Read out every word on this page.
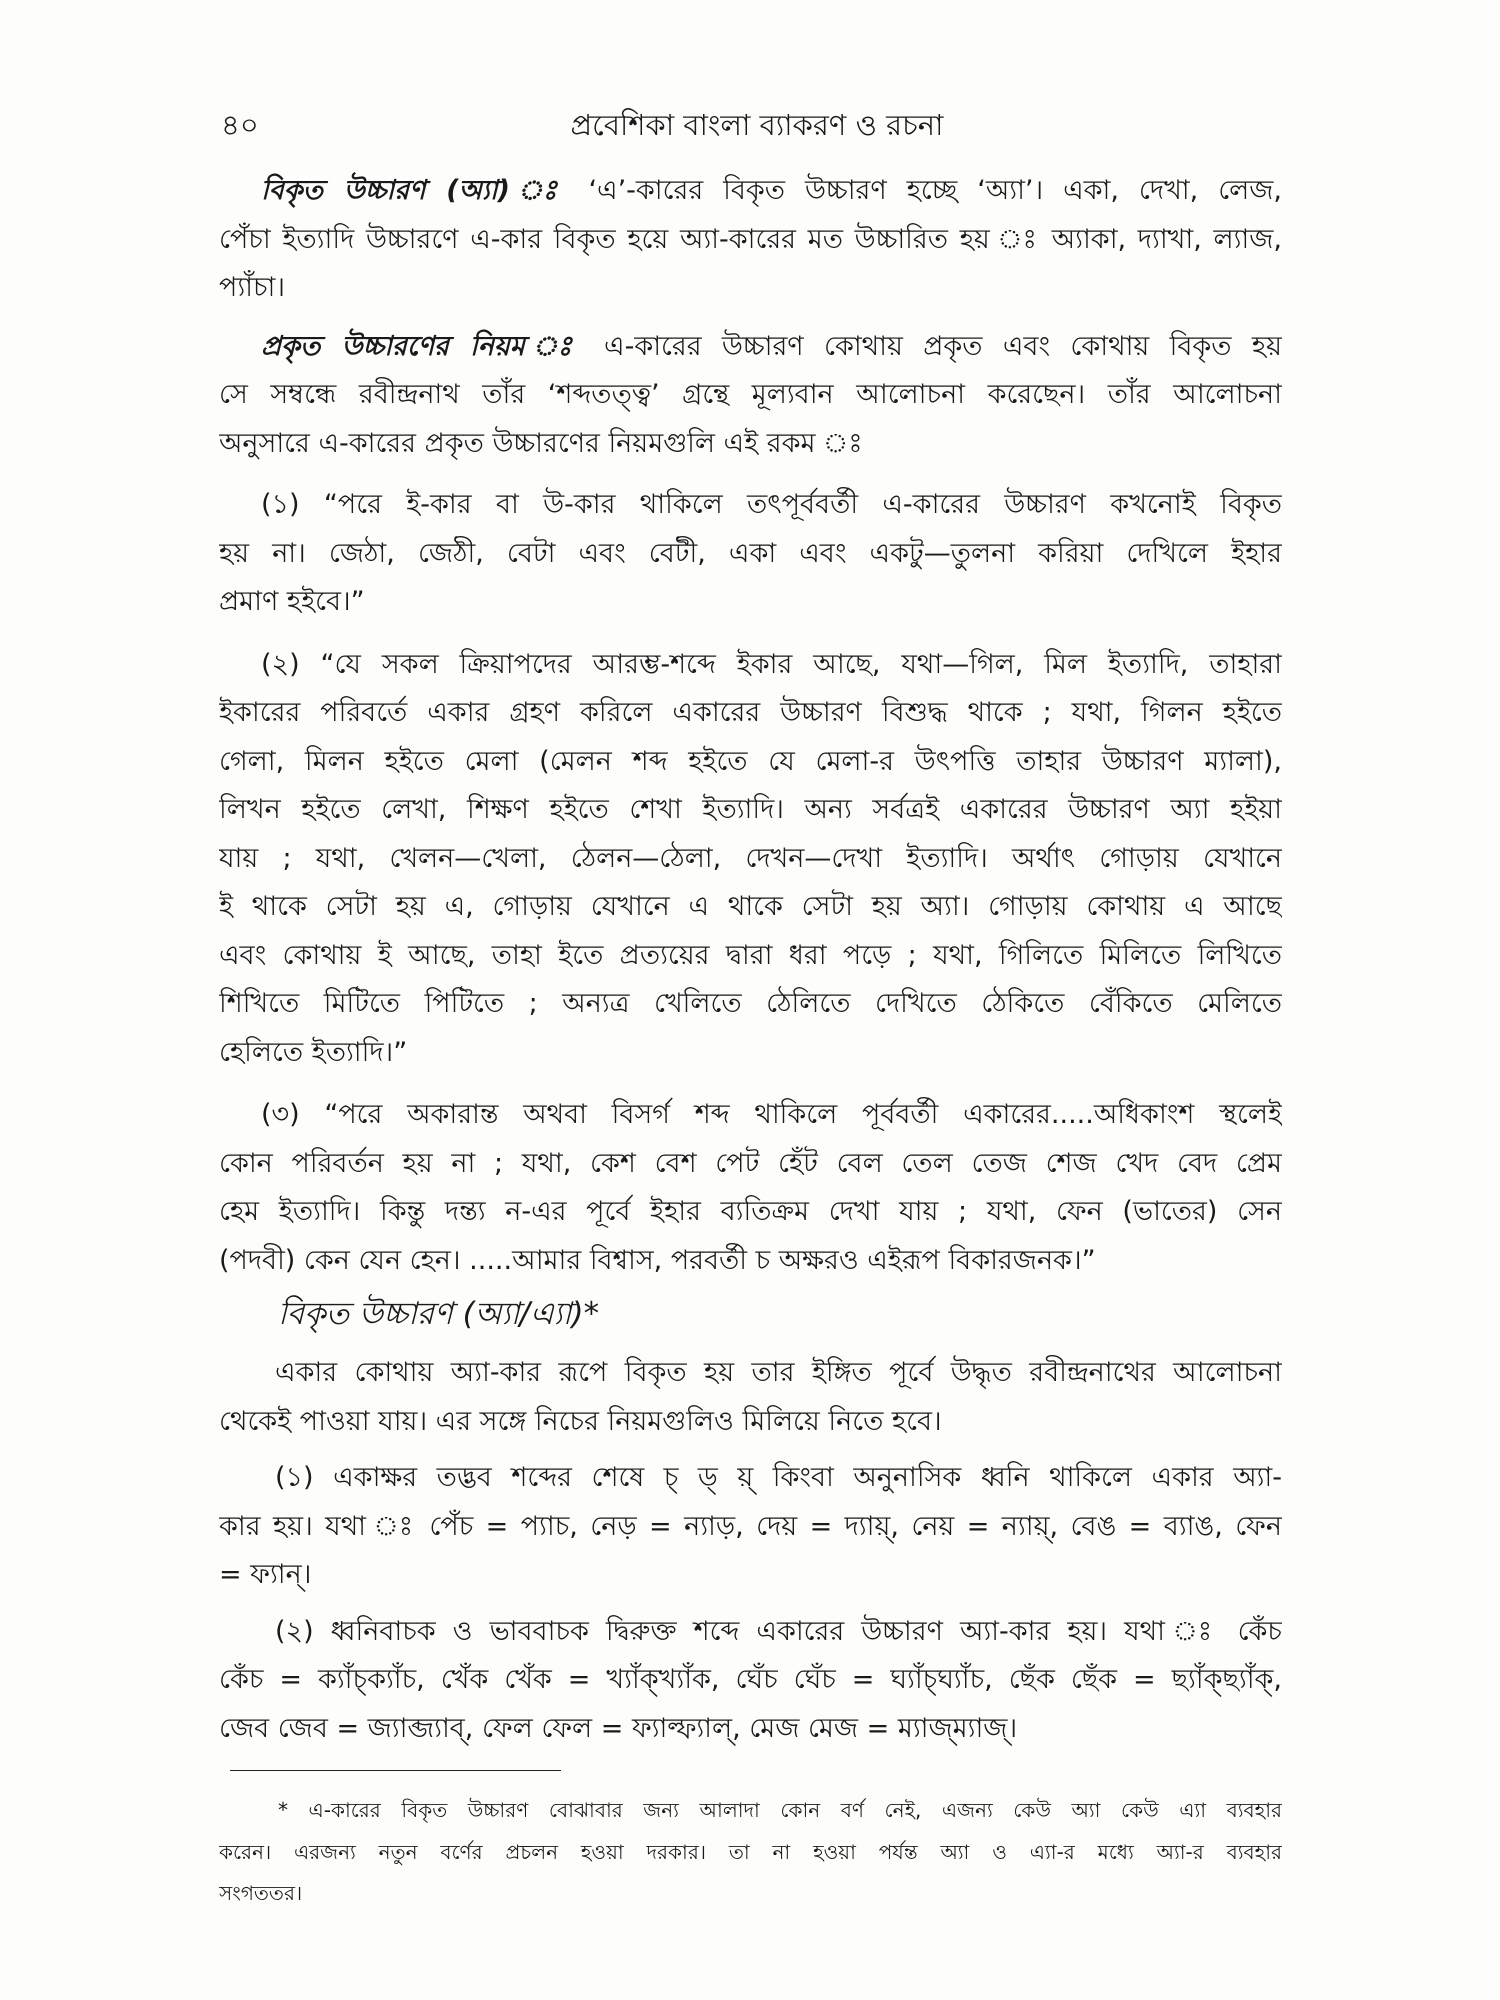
৪০	প্রবেশিকা বাংলা ব্যাকরণ ও রচনা
বিকৃত উচ্চারণ (অ্যা) ঃ ‘এ’-কারের বিকৃত উচ্চারণ হচ্ছে ‘অ্যা’। একা, দেখা, লেজ,
পেঁচা ইত্যাদি উচ্চারণে এ-কার বিকৃত হয়ে অ্যা-কারের মত উচ্চারিত হয় ঃ অ্যাকা, দ্যাখা, ল্যাজ,
প্যাঁচা।
প্রকৃত উচ্চারণের নিয়ম ঃ এ-কারের উচ্চারণ কোথায় প্রকৃত এবং কোথায় বিকৃত হয়
সে সম্বন্ধে রবীন্দ্রনাথ তাঁর ‘শব্দতত্ত্ব’ গ্রন্থে মূল্যবান আলোচনা করেছেন। তাঁর আলোচনা
অনুসারে এ-কারের প্রকৃত উচ্চারণের নিয়মগুলি এই রকম ঃ
(১) “পরে ই-কার বা উ-কার থাকিলে তৎপূর্ববর্তী এ-কারের উচ্চারণ কখনোই বিকৃত
হয় না। জেঠা, জেঠী, বেটা এবং বেটী, একা এবং একটু—তুলনা করিয়া দেখিলে ইহার
প্রমাণ হইবে।”
(২) “যে সকল ক্রিয়াপদের আরম্ভ-শব্দে ইকার আছে, যথা—গিল, মিল ইত্যাদি, তাহারা
ইকারের পরিবর্তে একার গ্রহণ করিলে একারের উচ্চারণ বিশুদ্ধ থাকে ; যথা, গিলন হইতে
গেলা, মিলন হইতে মেলা (মেলন শব্দ হইতে যে মেলা-র উৎপত্তি তাহার উচ্চারণ ম্যালা),
লিখন হইতে লেখা, শিক্ষণ হইতে শেখা ইত্যাদি। অন্য সর্বত্রই একারের উচ্চারণ অ্যা হইয়া
যায় ; যথা, খেলন—খেলা, ঠেলন—ঠেলা, দেখন—দেখা ইত্যাদি। অর্থাৎ গোড়ায় যেখানে
ই থাকে সেটা হয় এ, গোড়ায় যেখানে এ থাকে সেটা হয় অ্যা। গোড়ায় কোথায় এ আছে
এবং কোথায় ই আছে, তাহা ইতে প্রত্যয়ের দ্বারা ধরা পড়ে ; যথা, গিলিতে মিলিতে লিখিতে
শিখিতে মিটিতে পিটিতে ; অন্যত্র খেলিতে ঠেলিতে দেখিতে ঠেকিতে বেঁকিতে মেলিতে
হেলিতে ইত্যাদি।”
(৩) “পরে অকারান্ত অথবা বিসর্গ শব্দ থাকিলে পূর্ববর্তী একারের.....অধিকাংশ স্থলেই
কোন পরিবর্তন হয় না ; যথা, কেশ বেশ পেট হেঁট বেল তেল তেজ শেজ খেদ বেদ প্রেম
হেম ইত্যাদি। কিন্তু দন্ত্য ন-এর পূর্বে ইহার ব্যতিক্রম দেখা যায় ; যথা, ফেন (ভাতের) সেন
(পদবী) কেন যেন হেন। .....আমার বিশ্বাস, পরবর্তী চ অক্ষরও এইরূপ বিকারজনক।”
বিকৃত উচ্চারণ (অ্যা/এ্যা)*
একার কোথায় অ্যা-কার রূপে বিকৃত হয় তার ইঙ্গিত পূর্বে উদ্ধৃত রবীন্দ্রনাথের আলোচনা
থেকেই পাওয়া যায়। এর সঙ্গে নিচের নিয়মগুলিও মিলিয়ে নিতে হবে।
(১) একাক্ষর তদ্ভব শব্দের শেষে চ্ ড্ য়্ কিংবা অনুনাসিক ধ্বনি থাকিলে একার অ্যা-
কার হয়। যথা ঃ পেঁচ = প্যাচ, নেড় = ন্যাড়, দেয় = দ্যায়্, নেয় = ন্যায়্, বেঙ = ব্যাঙ, ফেন
= ফ্যান্।
(২) ধ্বনিবাচক ও ভাববাচক দ্বিরুক্ত শব্দে একারের উচ্চারণ অ্যা-কার হয়। যথা ঃ কেঁচ
কেঁচ = ক্যাঁচ্ক্যাঁচ, খেঁক খেঁক = খ্যাঁক্খ্যাঁক, ঘেঁচ ঘেঁচ = ঘ্যাঁচ্ঘ্যাঁচ, ছেঁক ছেঁক = ছ্যাঁক্ছ্যাঁক্,
জেব জেব = জ্যাব্জ্যাব্, ফেল ফেল = ফ্যাল্ফ্যাল্, মেজ মেজ = ম্যাজ্ম্যাজ্।
* এ-কারের বিকৃত উচ্চারণ বোঝাবার জন্য আলাদা কোন বর্ণ নেই, এজন্য কেউ অ্যা কেউ এ্যা ব্যবহার
করেন। এরজন্য নতুন বর্ণের প্রচলন হওয়া দরকার। তা না হওয়া পর্যন্ত অ্যা ও এ্যা-র মধ্যে অ্যা-র ব্যবহার
সংগততর।
